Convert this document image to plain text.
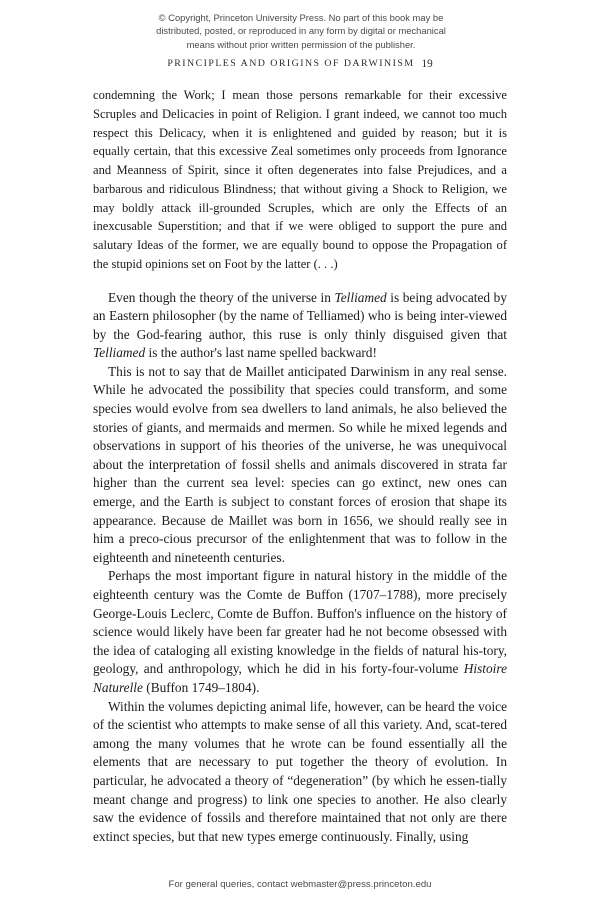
© Copyright, Princeton University Press. No part of this book may be
distributed, posted, or reproduced in any form by digital or mechanical
means without prior written permission of the publisher.
PRINCIPLES AND ORIGINS OF DARWINISM 19

condemning the Work; I mean those persons remarkable for their excessive Scruples and Delicacies in point of Religion. I grant indeed, we cannot too much respect this Delicacy, when it is enlightened and guided by reason; but it is equally certain, that this excessive Zeal sometimes only proceeds from Ignorance and Meanness of Spirit, since it often degenerates into false Prejudices, and a barbarous and ridiculous Blindness; that without giving a Shock to Religion, we may boldly attack ill-grounded Scruples, which are only the Effects of an inexcusable Superstition; and that if we were obliged to support the pure and salutary Ideas of the former, we are equally bound to oppose the Propagation of the stupid opinions set on Foot by the latter (. . .)

Even though the theory of the universe in Telliamed is being advocated by an Eastern philosopher (by the name of Telliamed) who is being inter-viewed by the God-fearing author, this ruse is only thinly disguised given that Telliamed is the author's last name spelled backward!

This is not to say that de Maillet anticipated Darwinism in any real sense. While he advocated the possibility that species could transform, and some species would evolve from sea dwellers to land animals, he also believed the stories of giants, and mermaids and mermen. So while he mixed legends and observations in support of his theories of the universe, he was unequivocal about the interpretation of fossil shells and animals discovered in strata far higher than the current sea level: species can go extinct, new ones can emerge, and the Earth is subject to constant forces of erosion that shape its appearance. Because de Maillet was born in 1656, we should really see in him a preco-cious precursor of the enlightenment that was to follow in the eighteenth and nineteenth centuries.

Perhaps the most important figure in natural history in the middle of the eighteenth century was the Comte de Buffon (1707–1788), more precisely George-Louis Leclerc, Comte de Buffon. Buffon's influence on the history of science would likely have been far greater had he not become obsessed with the idea of cataloging all existing knowledge in the fields of natural his-tory, geology, and anthropology, which he did in his forty-four-volume Histoire Naturelle (Buffon 1749–1804).

Within the volumes depicting animal life, however, can be heard the voice of the scientist who attempts to make sense of all this variety. And, scat-tered among the many volumes that he wrote can be found essentially all the elements that are necessary to put together the theory of evolution. In particular, he advocated a theory of “degeneration” (by which he essen-tially meant change and progress) to link one species to another. He also clearly saw the evidence of fossils and therefore maintained that not only are there extinct species, but that new types emerge continuously. Finally, using

For general queries, contact webmaster@press.princeton.edu
